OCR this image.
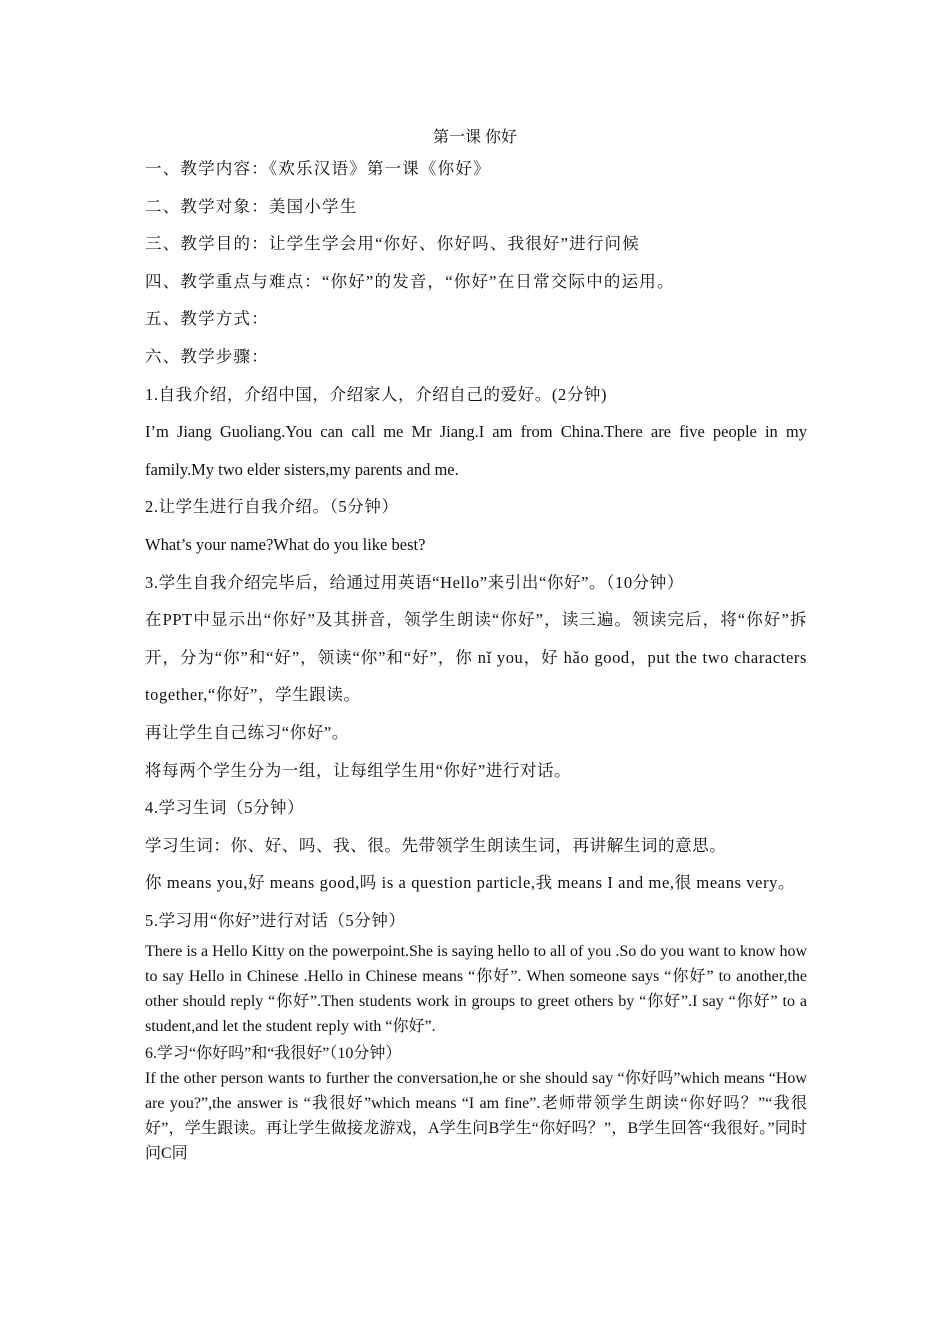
第一课 你好

一、教学内容：《欢乐汉语》第一课《你好》

二、教学对象：美国小学生

三、教学目的：让学生学会用“你好、你好吗、我很好”进行问候

四、教学重点与难点：“你好”的发音，“你好”在日常交际中的运用。

五、教学方式：

六、教学步骤：

1.自我介绍，介绍中国，介绍家人，介绍自己的爱好。(2分钟)

I’m Jiang Guoliang.You can call me Mr Jiang.I am from China.There are five people in my family.My two elder sisters,my parents and me.

2.让学生进行自我介绍。（5分钟）

What’s your name?What do you like best?

3.学生自我介绍完毕后，给通过用英语“Hello”来引出“你好”。（10分钟）

在PPT中显示出“你好”及其拼音，领学生朗读“你好”，读三遍。领读完后，将“你好”拆开，分为“你”和“好”，领读“你”和“好”，你 nǐ you，好 hǎo good，put the two characters together,“你好”，学生跟读。

再让学生自己练习“你好”。

将每两个学生分为一组，让每组学生用“你好”进行对话。

4.学习生词（5分钟）

学习生词：你、好、吗、我、很。先带领学生朗读生词，再讲解生词的意思。

你 means you,好 means good,吗 is a question particle,我 means I and me,很 means very。

5.学习用“你好”进行对话（5分钟）

There is a Hello Kitty on the powerpoint.She is saying hello to all of you .So do you want to know how to say Hello in Chinese .Hello in Chinese means “你好”. When someone says “你好” to another,the other should reply “你好”.Then students work in groups to greet others by “你好”.I say “你好” to a student,and let the student reply with “你好”.

6.学习“你好吗”和“我很好”（10分钟）

If the other person wants to further the conversation,he or she should say “你好吗”which means “How are you?”,the answer is “我很好”which means “I am fine”.老师带领学生朗读“你好吗？”“我很好”，学生跟读。再让学生做接龙游戏，A学生问B学生“你好吗？”，B学生回答“我很好。”同时问C同
